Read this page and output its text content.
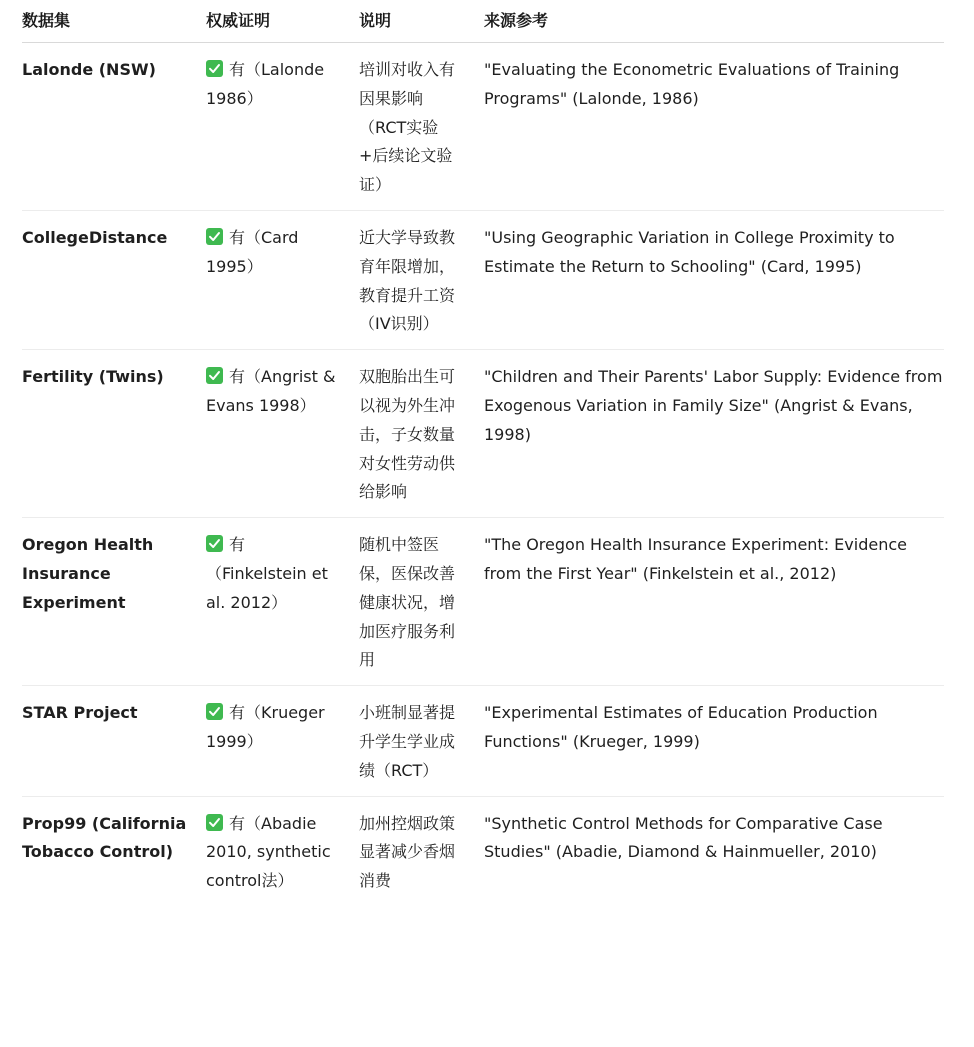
数据集	权威证明	说明	来源参考
Lalonde (NSW)	有（Lalonde 1986）	培训对收入有因果影响（RCT实验+后续论文验证）	"Evaluating the Econometric Evaluations of Training Programs" (Lalonde, 1986)
CollegeDistance	有（Card 1995）	近大学导致教育年限增加，教育提升工资（IV识别）	"Using Geographic Variation in College Proximity to Estimate the Return to Schooling" (Card, 1995)
Fertility (Twins)	有（Angrist & Evans 1998）	双胞胎出生可以视为外生冲击，子女数量对女性劳动供给影响	"Children and Their Parents' Labor Supply: Evidence from Exogenous Variation in Family Size" (Angrist & Evans, 1998)
Oregon Health Insurance Experiment	有（Finkelstein et al. 2012）	随机中签医保，医保改善健康状况，增加医疗服务利用	"The Oregon Health Insurance Experiment: Evidence from the First Year" (Finkelstein et al., 2012)
STAR Project	有（Krueger 1999）	小班制显著提升学生学业成绩（RCT）	"Experimental Estimates of Education Production Functions" (Krueger, 1999)
Prop99 (California Tobacco Control)	有（Abadie 2010, synthetic control法）	加州控烟政策显著减少香烟消费	"Synthetic Control Methods for Comparative Case Studies" (Abadie, Diamond & Hainmueller, 2010)
